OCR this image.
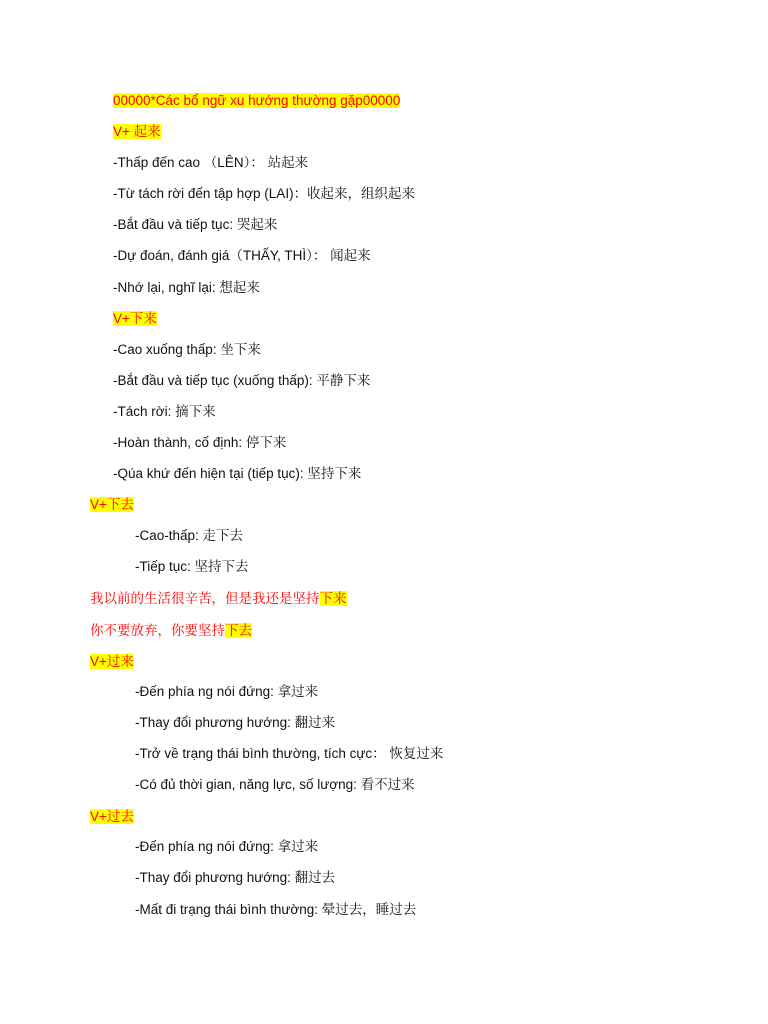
00000*Các bổ ngữ xu hướng thường gặp00000
V+ 起来
-Thấp đến cao （LÊN）： 站起来
-Từ tách rời đến tập hợp (LAI)：收起来，组织起来
-Bắt đầu và tiếp tục: 哭起来
-Dự đoán, đánh giá（THẤY, THÌ）： 闻起来
-Nhớ lại, nghĩ lại: 想起来
V+下来
-Cao xuống thấp: 坐下来
-Bắt đầu và tiếp tục (xuống thấp): 平静下来
-Tách rời: 摘下来
-Hoàn thành, cố định: 停下来
-Qúa khứ đến hiện tại (tiếp tục): 坚持下来
V+下去
-Cao-thấp: 走下去
-Tiếp tục: 坚持下去
我以前的生活很辛苦，但是我还是坚持下来
你不要放弃，你要坚持下去
V+过来
-Đến phía ng nói đứng: 拿过来
-Thay đổi phương hướng: 翻过来
-Trở về trạng thái bình thường, tích cực： 恢复过来
-Có đủ thời gian, năng lực, số lượng: 看不过来
V+过去
-Đến phía ng nói đứng: 拿过来
-Thay đổi phương hướng: 翻过去
-Mất đi trạng thái bình thường: 晕过去，睡过去
